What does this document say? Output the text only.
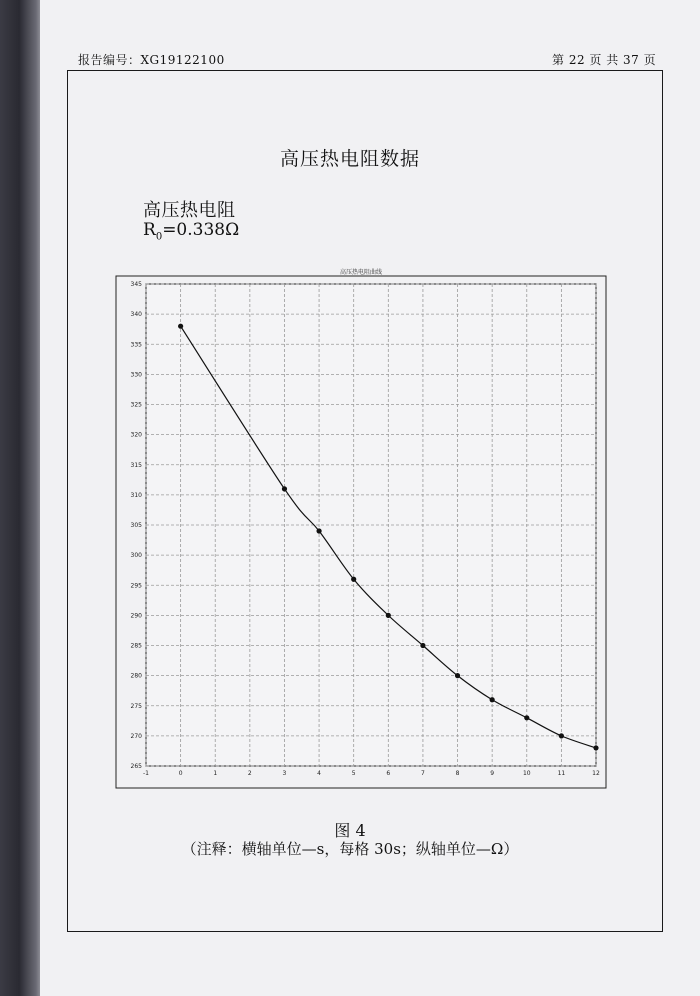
报告编号：XG19122100	第 22 页 共 37 页
高压热电阻数据
高压热电阻
$R_0=0.338\Omega$
高压热电阻曲线
-1	0	1	2	3	4	5	6	7	8	9	10	11	12
265
270
275
280
285
290
295
300
305
310
315
320
325
330
335
340
345
图 4
（注释：横轴单位—s，每格 30s；纵轴单位—Ω）
